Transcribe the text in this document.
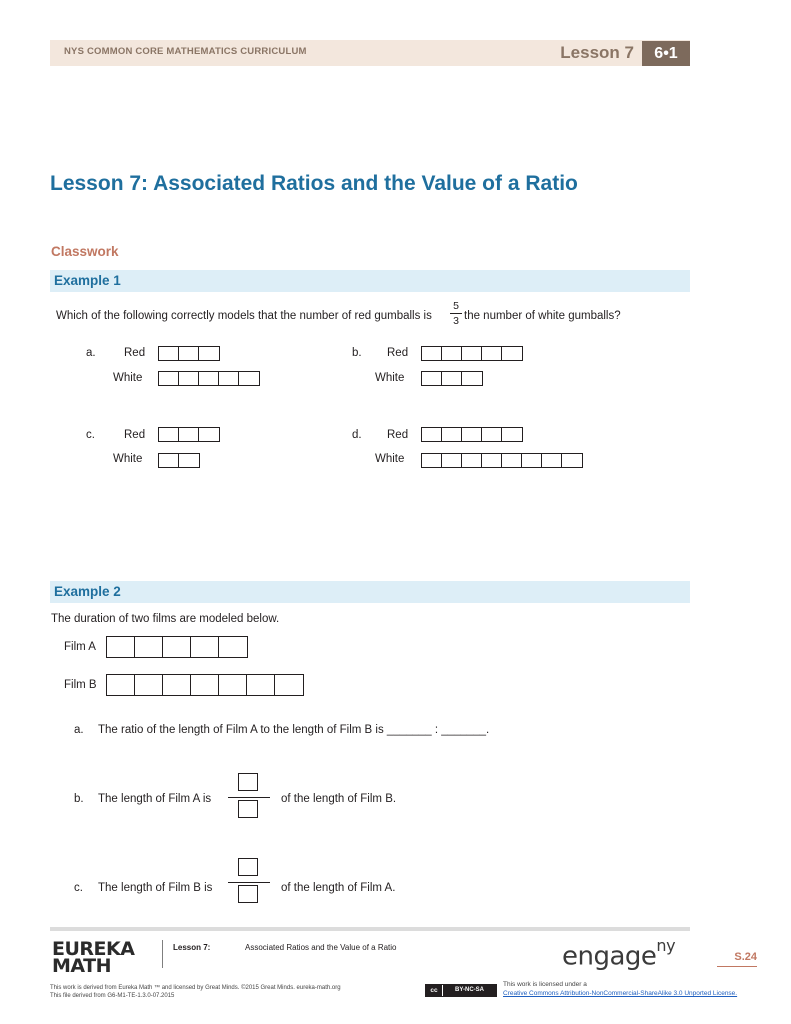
NYS COMMON CORE MATHEMATICS CURRICULUM	Lesson 7	6•1
Lesson 7: Associated Ratios and the Value of a Ratio
Classwork
Example 1
Which of the following correctly models that the number of red gumballs is
5
3 the number of white gumballs?
a. Red
White
b. Red
White
c.	Red
White
d. Red
White
Example 2
The duration of two films are modeled below.
Film A
Film B
a. The ratio of the length of Film A to the length of Film B is _______ : _______.
b. The length of Film A is	of the length of Film B.
c. The length of Film B is	of the length of Film A.
EUREKA
MATH
Lesson 7:	Associated Ratios and the Value of a Ratio	engage$^{ny}$
S.24
This work is derived from Eureka Math ™ and licensed by Great Minds. ©2015 Great Minds. eureka-math.org
This file derived from G6-M1-TE-1.3.0-07.2015
cc	BY-NC-SA
This work is licensed under a
Creative Commons Attribution-NonCommercial-ShareAlike 3.0 Unported License.
